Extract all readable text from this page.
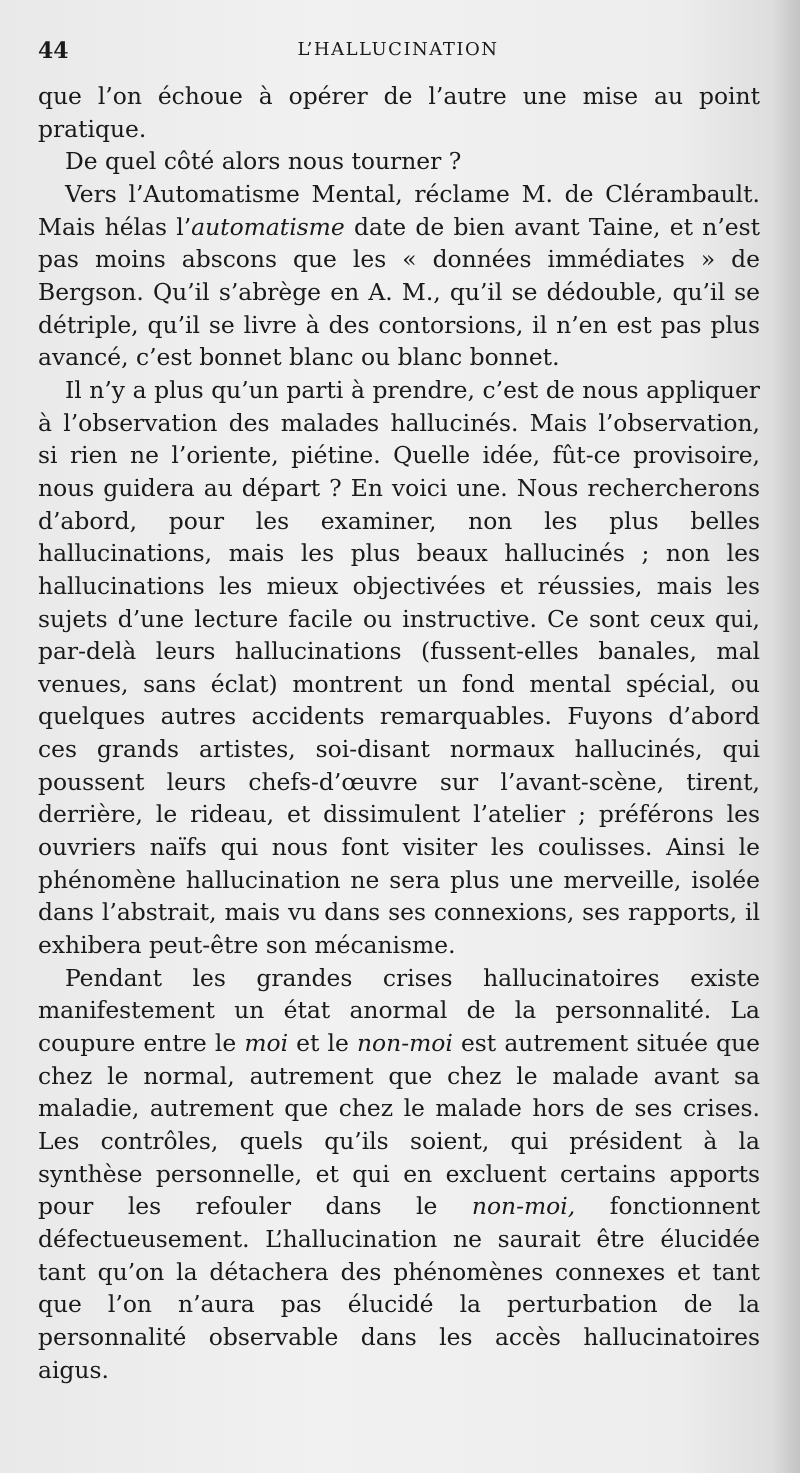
44	L’HALLUCINATION

que l’on échoue à opérer de l’autre une mise au point pratique.

De quel côté alors nous tourner ?

Vers l’Automatisme Mental, réclame M. de Clérambault. Mais hélas l’automatisme date de bien avant Taine, et n’est pas moins abscons que les « données immédiates » de Bergson. Qu’il s’abrège en A. M., qu’il se dédouble, qu’il se détriple, qu’il se livre à des contorsions, il n’en est pas plus avancé, c’est bonnet blanc ou blanc bonnet.

Il n’y a plus qu’un parti à prendre, c’est de nous appliquer à l’observation des malades hallucinés. Mais l’observation, si rien ne l’oriente, piétine. Quelle idée, fût-ce provisoire, nous guidera au départ ? En voici une. Nous rechercherons d’abord, pour les examiner, non les plus belles hallucinations, mais les plus beaux hallucinés ; non les hallucinations les mieux objectivées et réussies, mais les sujets d’une lecture facile ou instructive. Ce sont ceux qui, par-delà leurs hallucinations (fussent-elles banales, mal venues, sans éclat) montrent un fond mental spécial, ou quelques autres accidents remarquables. Fuyons d’abord ces grands artistes, soi-disant normaux hallucinés, qui poussent leurs chefs-d’œuvre sur l’avant-scène, tirent, derrière, le rideau, et dissimulent l’atelier ; préférons les ouvriers naïfs qui nous font visiter les coulisses. Ainsi le phénomène hallucination ne sera plus une merveille, isolée dans l’abstrait, mais vu dans ses connexions, ses rapports, il exhibera peut-être son mécanisme.

Pendant les grandes crises hallucinatoires existe manifestement un état anormal de la personnalité. La coupure entre le moi et le non-moi est autrement située que chez le normal, autrement que chez le malade avant sa maladie, autrement que chez le malade hors de ses crises. Les contrôles, quels qu’ils soient, qui président à la synthèse personnelle, et qui en excluent certains apports pour les refouler dans le non-moi, fonctionnent défectueusement. L’hallucination ne saurait être élucidée tant qu’on la détachera des phénomènes connexes et tant que l’on n’aura pas élucidé la perturbation de la personnalité observable dans les accès hallucinatoires aigus.
